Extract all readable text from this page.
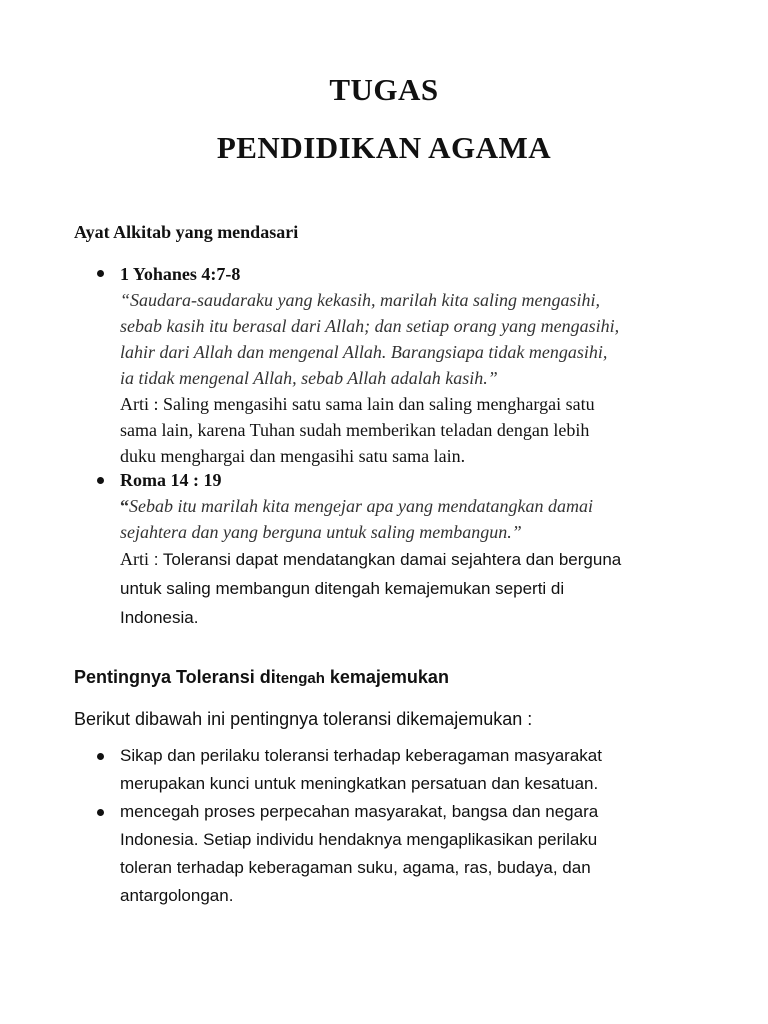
TUGAS
PENDIDIKAN AGAMA
Ayat Alkitab yang mendasari
1 Yohanes 4:7-8
“Saudara-saudaraku yang kekasih, marilah kita saling mengasihi,
sebab kasih itu berasal dari Allah; dan setiap orang yang mengasihi,
lahir dari Allah dan mengenal Allah. Barangsiapa tidak mengasihi,
ia tidak mengenal Allah, sebab Allah adalah kasih.”
Arti : Saling mengasihi satu sama lain dan saling menghargai satu
sama lain, karena Tuhan sudah memberikan teladan dengan lebih
duku menghargai dan mengasihi satu sama lain.
Roma 14 : 19
“Sebab itu marilah kita mengejar apa yang mendatangkan damai
sejahtera dan yang berguna untuk saling membangun.”
Arti : Toleransi dapat mendatangkan damai sejahtera dan berguna
untuk saling membangun ditengah kemajemukan seperti di
Indonesia.
Pentingnya Toleransi ditengah kemajemukan
Berikut dibawah ini pentingnya toleransi dikemajemukan :
Sikap dan perilaku toleransi terhadap keberagaman masyarakat
merupakan kunci untuk meningkatkan persatuan dan kesatuan.
mencegah proses perpecahan masyarakat, bangsa dan negara
Indonesia. Setiap individu hendaknya mengaplikasikan perilaku
toleran terhadap keberagaman suku, agama, ras, budaya, dan
antargolongan.
